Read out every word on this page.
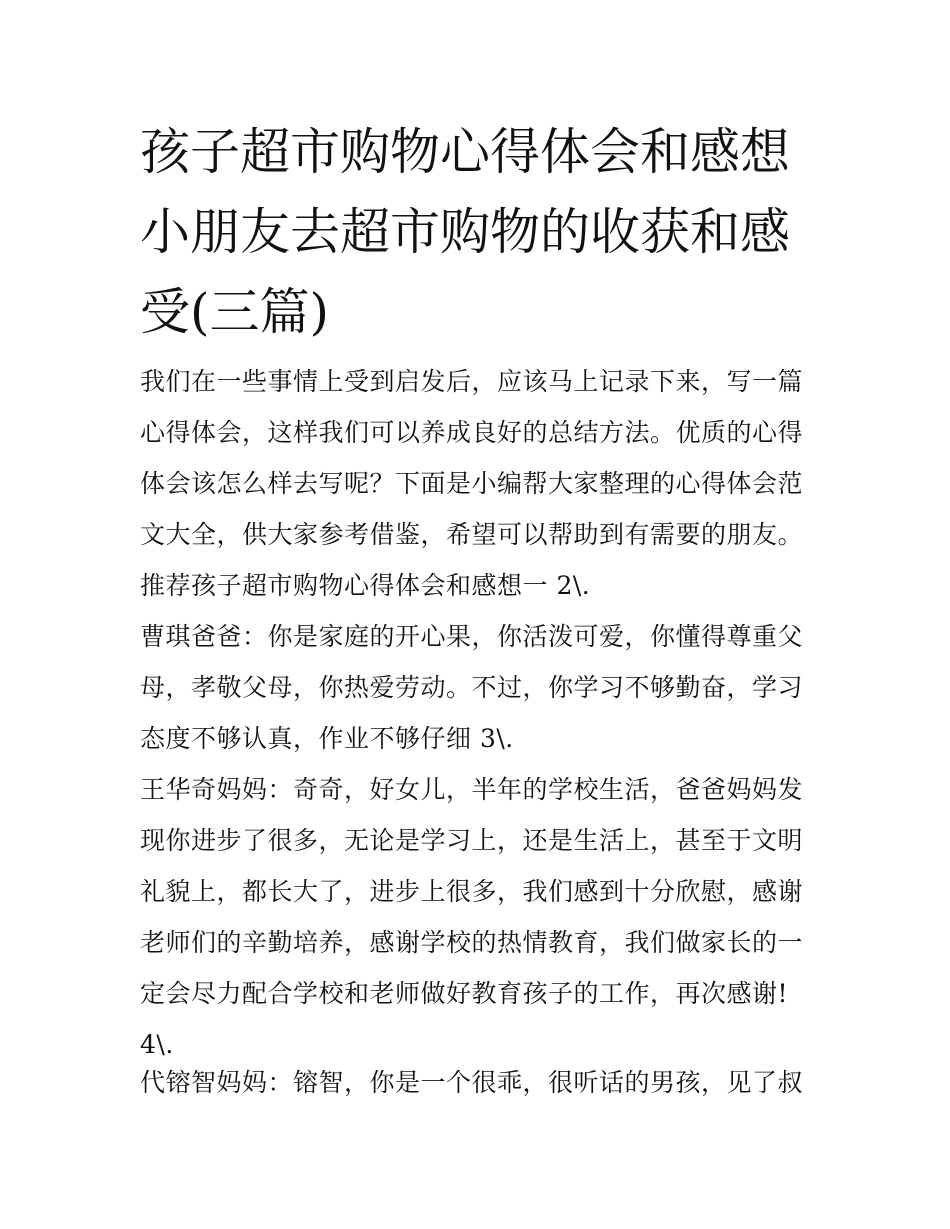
孩子超市购物心得体会和感想小朋友去超市购物的收获和感受(三篇)

我们在一些事情上受到启发后，应该马上记录下来，写一篇心得体会，这样我们可以养成良好的总结方法。优质的心得体会该怎么样去写呢？下面是小编帮大家整理的心得体会范文大全，供大家参考借鉴，希望可以帮助到有需要的朋友。

推荐孩子超市购物心得体会和感想一 2\.

曹琪爸爸：你是家庭的开心果，你活泼可爱，你懂得尊重父母，孝敬父母，你热爱劳动。不过，你学习不够勤奋，学习态度不够认真，作业不够仔细 3\.

王华奇妈妈：奇奇，好女儿，半年的学校生活，爸爸妈妈发现你进步了很多，无论是学习上，还是生活上，甚至于文明礼貌上，都长大了，进步上很多，我们感到十分欣慰，感谢老师们的辛勤培养，感谢学校的热情教育，我们做家长的一定会尽力配合学校和老师做好教育孩子的工作，再次感谢!

4\.

代镕智妈妈：镕智，你是一个很乖，很听话的男孩，见了叔
